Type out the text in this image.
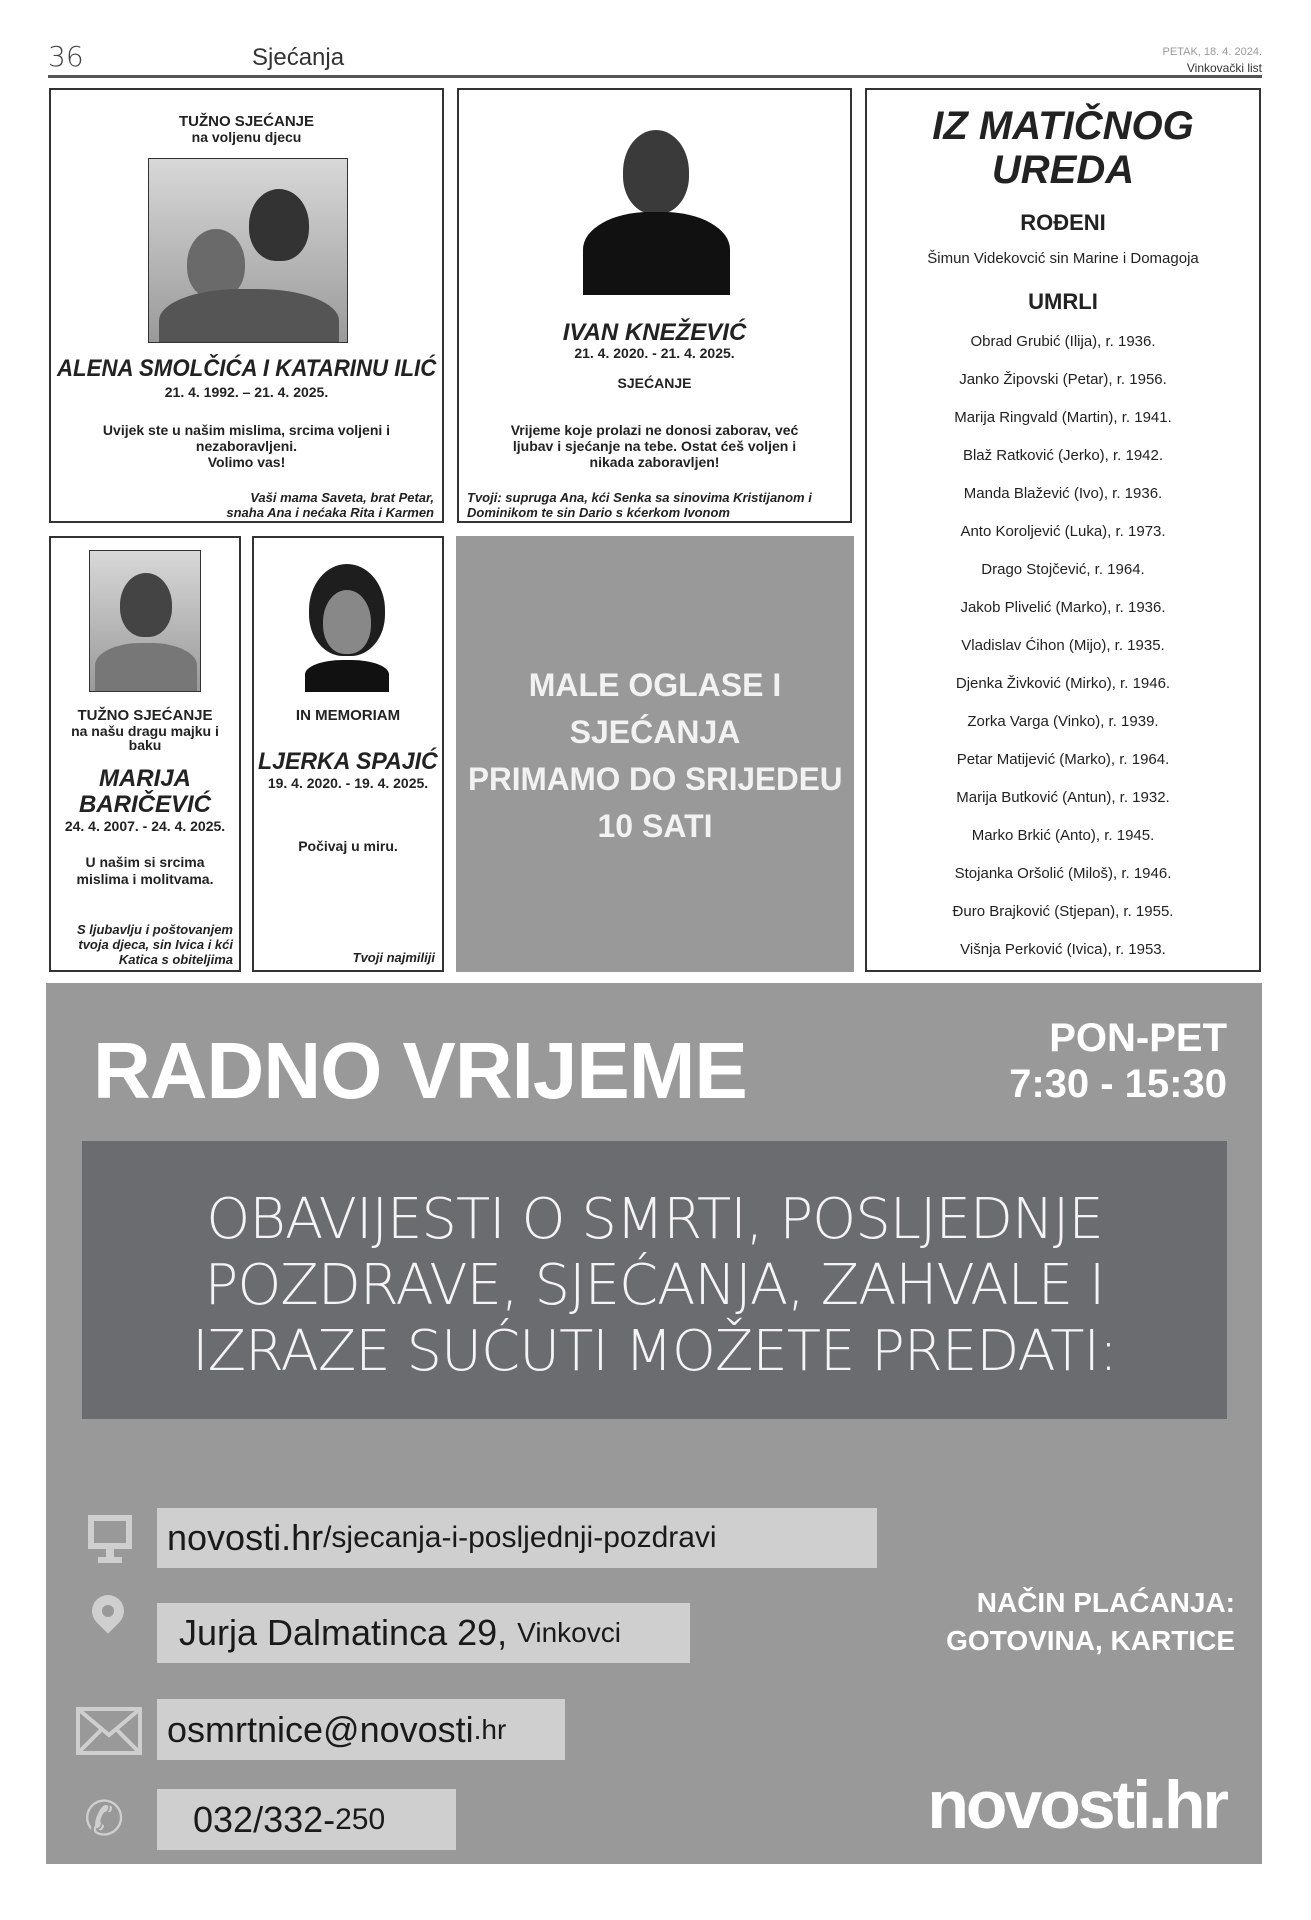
36	Sjećanja	PETAK, 18. 4. 2024.
Vinkovački list
TUŽNO SJEĆANJE
na voljenu djecu
ALENA SMOLČIĆA I KATARINU ILIĆ
21. 4. 1992. – 21. 4. 2025.
Uvijek ste u našim mislima, srcima voljeni i
nezaboravljeni.
Volimo vas!
Vaši mama Saveta, brat Petar,
snaha Ana i nećaka Rita i Karmen
IVAN KNEŽEVIĆ
21. 4. 2020. - 21. 4. 2025.
SJEĆANJE
Vrijeme koje prolazi ne donosi zaborav, već
ljubav i sjećanje na tebe. Ostat ćeš voljen i
nikada zaboravljen!
Tvoji: supruga Ana, kći Senka sa sinovima Kristijanom i
Dominikom te sin Dario s kćerkom Ivonom
IZ MATIČNOG
UREDA
ROĐENI
Šimun Videkovcić sin Marine i Domagoja
UMRLI
Obrad Grubić (Ilija), r. 1936.
Janko Žipovski (Petar), r. 1956.
Marija Ringvald (Martin), r. 1941.
Blaž Ratković (Jerko), r. 1942.
Manda Blažević (Ivo), r. 1936.
Anto Koroljević (Luka), r. 1973.
Drago Stojčević, r. 1964.
Jakob Plivelić (Marko), r. 1936.
Vladislav Ćihon (Mijo), r. 1935.
Djenka Živković (Mirko), r. 1946.
Zorka Varga (Vinko), r. 1939.
Petar Matijević (Marko), r. 1964.
Marija Butković (Antun), r. 1932.
Marko Brkić (Anto), r. 1945.
Stojanka Oršolić (Miloš), r. 1946.
Đuro Brajković (Stjepan), r. 1955.
Višnja Perković (Ivica), r. 1953.
TUŽNO SJEĆANJE
na našu dragu majku i
baku
MARIJA
BARIČEVIĆ
24. 4. 2007. - 24. 4. 2025.
U našim si srcima
mislima i molitvama.
S ljubavlju i poštovanjem
tvoja djeca, sin Ivica i kći
Katica s obiteljima
IN MEMORIAM
LJERKA SPAJIĆ
19. 4. 2020. - 19. 4. 2025.
Počivaj u miru.
Tvoji najmiliji
MALE OGLASE I
SJEĆANJA
PRIMAMO DO SRIJEDEU
10 SATI
RADNO VRIJEME	PON-PET
7:30 - 15:30
OBAVIJESTI O SMRTI, POSLJEDNJE
POZDRAVE, SJEĆANJA, ZAHVALE I
IZRAZE SUĆUTI MOŽETE PREDATI:
novosti.hr /sjecanja-i-posljednji-pozdravi
Jurja Dalmatinca 29,
Vinkovci
osmrtnice@novosti .hr
✆ 032/332- 250
NAČIN PLAĆANJA:
GOTOVINA, KARTICE
novosti.hr
